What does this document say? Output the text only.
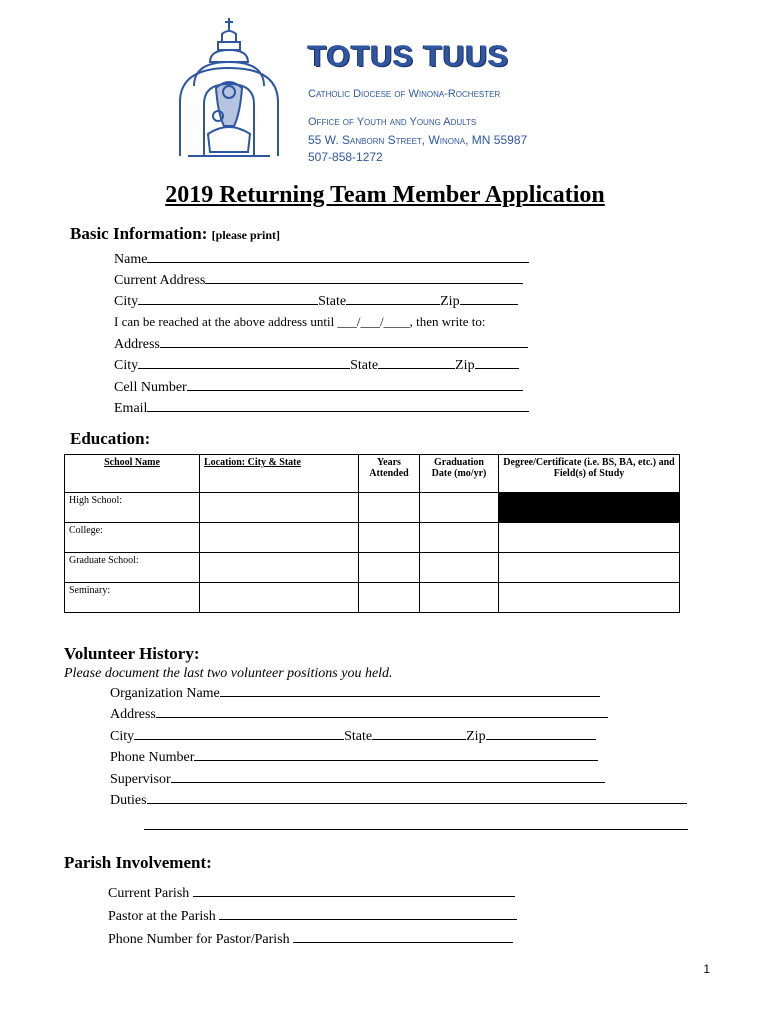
TOTUS TUUS
Catholic Diocese of Winona-Rochester
Office of Youth and Young Adults
55 W. Sanborn Street, Winona, MN 55987
507-858-1272
2019 Returning Team Member Application
Basic Information: [please print]
Name
Current Address
City	State	Zip
I can be reached at the above address until ___/___/____, then write to:
Address
City	State	Zip
Cell Number
Email
Education:
School Name	Location: City & State	Years Attended	Graduation Date (mo/yr)	Degree/Certificate (i.e. BS, BA, etc.) and Field(s) of Study
High School:				
College:				
Graduate School:				
Seminary:				
Volunteer History:
Please document the last two volunteer positions you held.
Organization Name
Address
City	State	Zip
Phone Number
Supervisor
Duties
Parish Involvement:
Current Parish
Pastor at the Parish
Phone Number for Pastor/Parish
1
